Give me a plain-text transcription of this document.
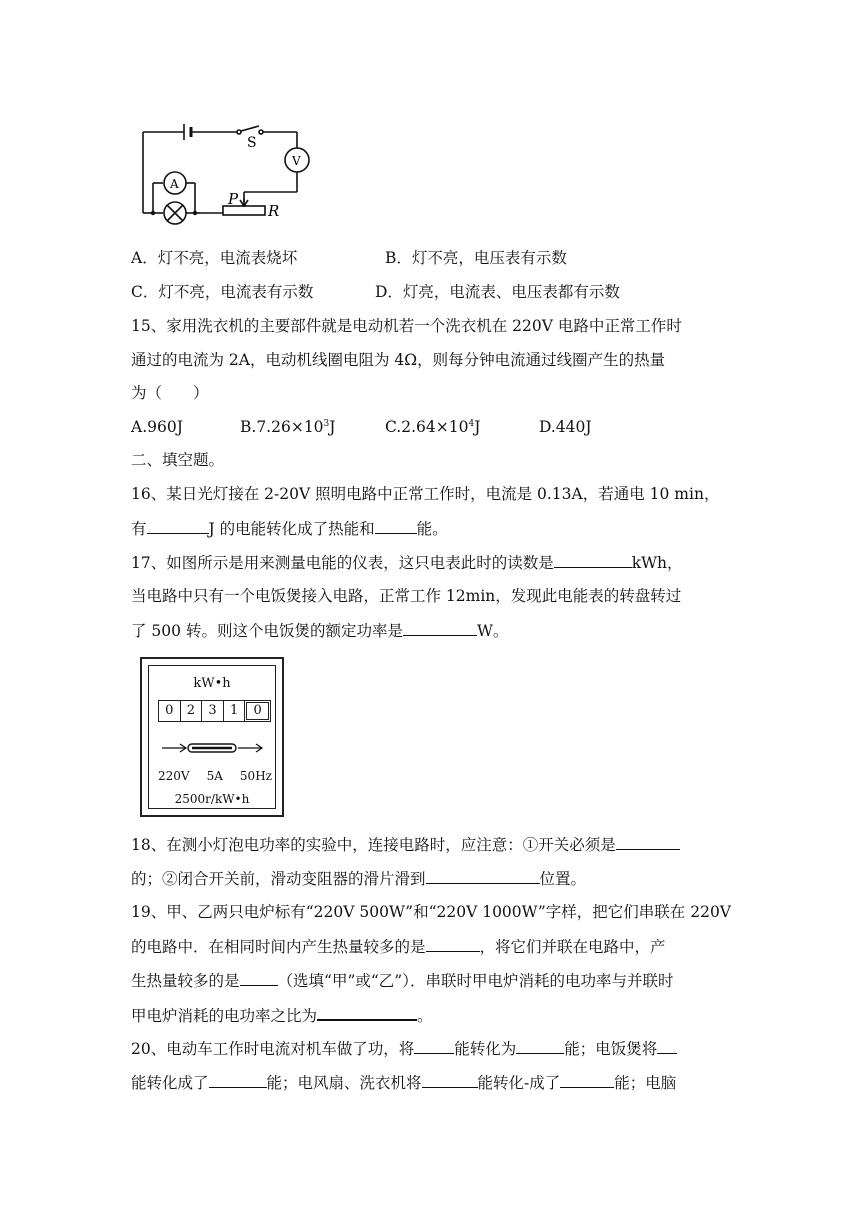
S
V
A
P
R
A．灯不亮，电流表烧坏	B．灯不亮，电压表有示数
C．灯不亮，电流表有示数	D．灯亮，电流表、电压表都有示数
15、家用洗衣机的主要部件就是电动机若一个洗衣机在 220V 电路中正常工作时
通过的电流为 2A，电动机线圈电阻为 4Ω，则每分钟电流通过线圈产生的热量
为（　　）
A.960J	$B.7.26\times 10^3J$	$C.2.64\times 10^4J$	D.440J
二、填空题。
16、某日光灯接在 2-20V 照明电路中正常工作时，电流是 0.13A，若通电 10 min，
有	J 的电能转化成了热能和	能。
17、如图所示是用来测量电能的仪表，这只电表此时的读数是	kWh，
当电路中只有一个电饭煲接入电路，正常工作 12min，发现此电能表的转盘转过
了 500 转。则这个电饭煲的额定功率是	W。
kW•h
0	2	3	1	0
220V 5A 50Hz
2500r/kW•h
18、在测小灯泡电功率的实验中，连接电路时，应注意：①开关必须是
的；②闭合开关前，滑动变阻器的滑片滑到	位置。
19、甲、乙两只电炉标有“220V 500W”和“220V 1000W”字样，把它们串联在 220V
的电路中．在相同时间内产生热量较多的是	，将它们并联在电路中，产
生热量较多的是 （选填“甲”或“乙”）．串联时甲电炉消耗的电功率与并联时
甲电炉消耗的电功率之比为	。
20、电动车工作时电流对机车做了功，将	能转化为	能；电饭煲将
能转化成了	能；电风扇、洗衣机将	能转化-成了	能；电脑
